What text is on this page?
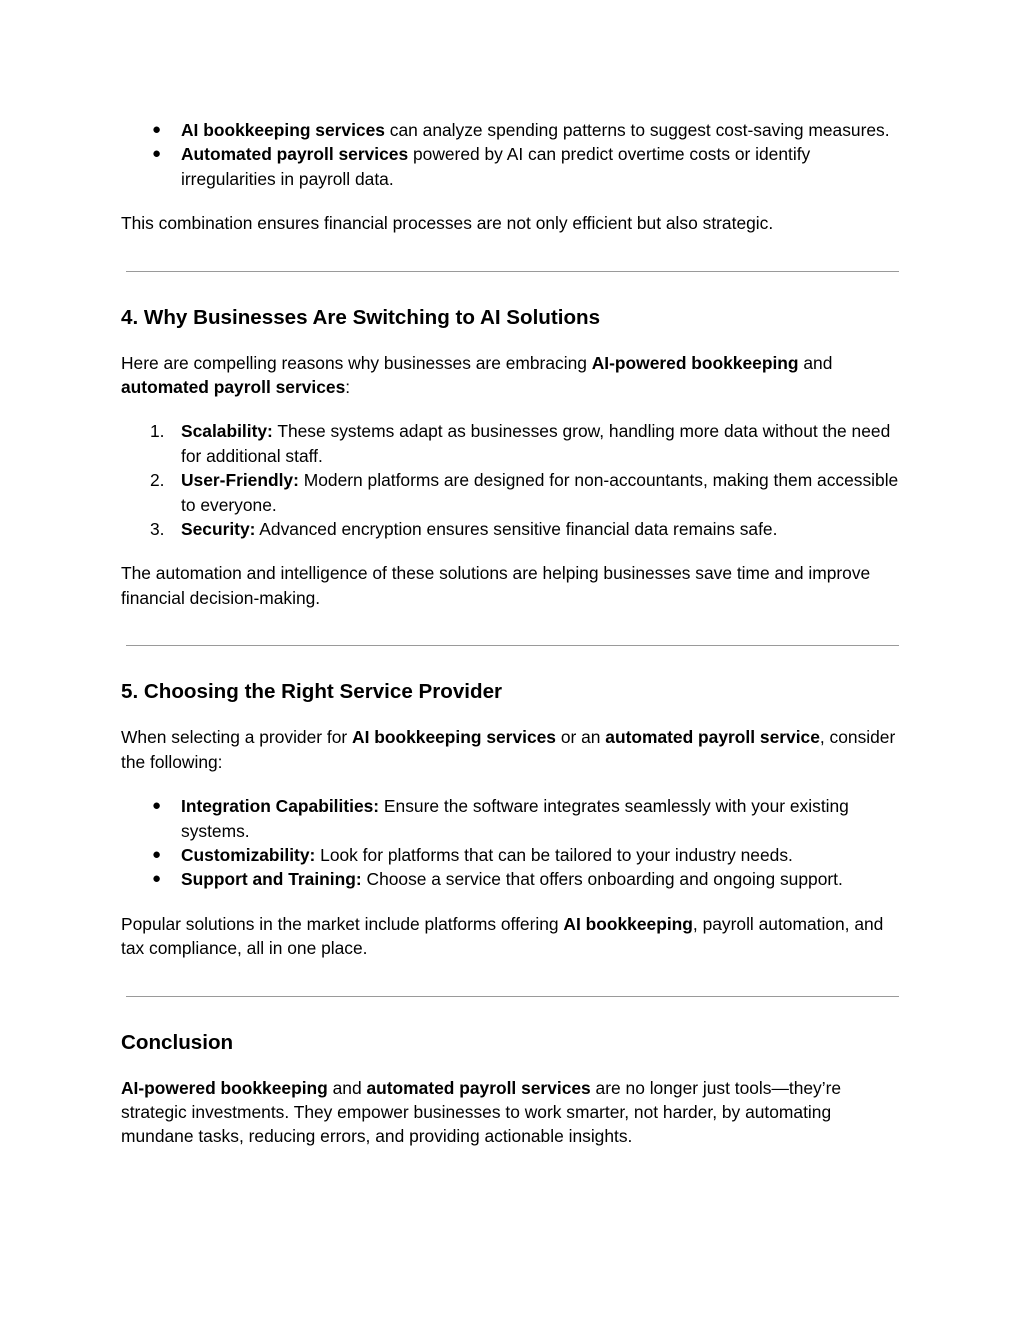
●	AI bookkeeping services can analyze spending patterns to suggest cost-saving measures.
●	Automated payroll services powered by AI can predict overtime costs or identify irregularities in payroll data.

This combination ensures financial processes are not only efficient but also strategic.

4. Why Businesses Are Switching to AI Solutions

Here are compelling reasons why businesses are embracing AI-powered bookkeeping and automated payroll services:

1. Scalability: These systems adapt as businesses grow, handling more data without the need for additional staff.
2. User-Friendly: Modern platforms are designed for non-accountants, making them accessible to everyone.
3. Security: Advanced encryption ensures sensitive financial data remains safe.

The automation and intelligence of these solutions are helping businesses save time and improve financial decision-making.

5. Choosing the Right Service Provider

When selecting a provider for AI bookkeeping services or an automated payroll service, consider the following:

●	Integration Capabilities: Ensure the software integrates seamlessly with your existing systems.
●	Customizability: Look for platforms that can be tailored to your industry needs.
●	Support and Training: Choose a service that offers onboarding and ongoing support.

Popular solutions in the market include platforms offering AI bookkeeping, payroll automation, and tax compliance, all in one place.

Conclusion

AI-powered bookkeeping and automated payroll services are no longer just tools—they’re strategic investments. They empower businesses to work smarter, not harder, by automating mundane tasks, reducing errors, and providing actionable insights.
